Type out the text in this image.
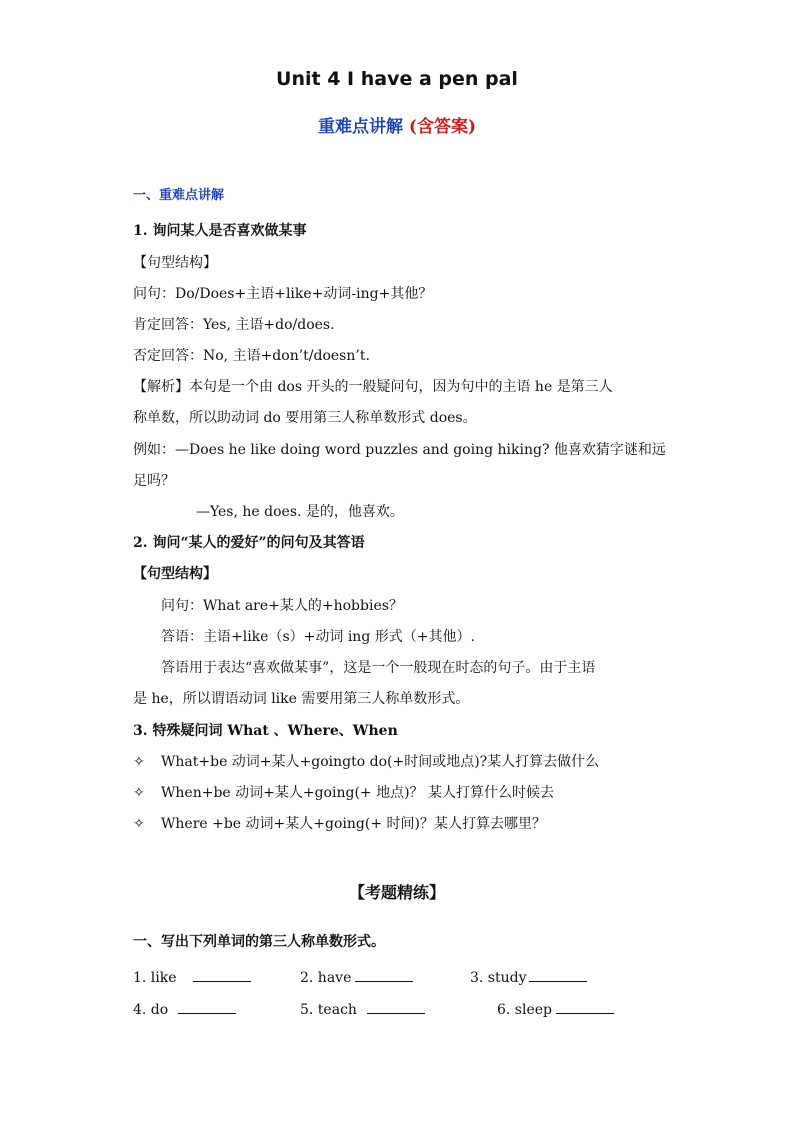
Unit 4 I have a pen pal
重难点讲解 (含答案)
一、重难点讲解
1. 询问某人是否喜欢做某事
【句型结构】
问句：Do/Does+主语+like+动词-ing+其他？
肯定回答：Yes, 主语+do/does.
否定回答：No, 主语+don’t/doesn’t.
【解析】本句是一个由 dos 开头的一般疑问句，因为句中的主语 he 是第三人
称单数，所以助动词 do 要用第三人称单数形式 does。
例如：—Does he like doing word puzzles and going hiking? 他喜欢猜字谜和远
足吗？
—Yes, he does. 是的，他喜欢。
2. 询问“某人的爱好”的问句及其答语
【句型结构】
问句：What are+某人的+hobbies？
答语：主语+like（s）+动词 ing 形式（+其他）.
答语用于表达“喜欢做某事”，这是一个一般现在时态的句子。由于主语
是 he，所以谓语动词 like 需要用第三人称单数形式。
3. 特殊疑问词 What 、Where、When
✧ What+be 动词+某人+goingto do(+时间或地点)?某人打算去做什么
✧ When+be 动词+某人+going(+ 地点)？ 某人打算什么时候去
✧ Where +be 动词+某人+going(+ 时间)？某人打算去哪里？
【考题精练】
一、写出下列单词的第三人称单数形式。
1. like	2. have	3. study
4. do	5. teach	6. sleep
